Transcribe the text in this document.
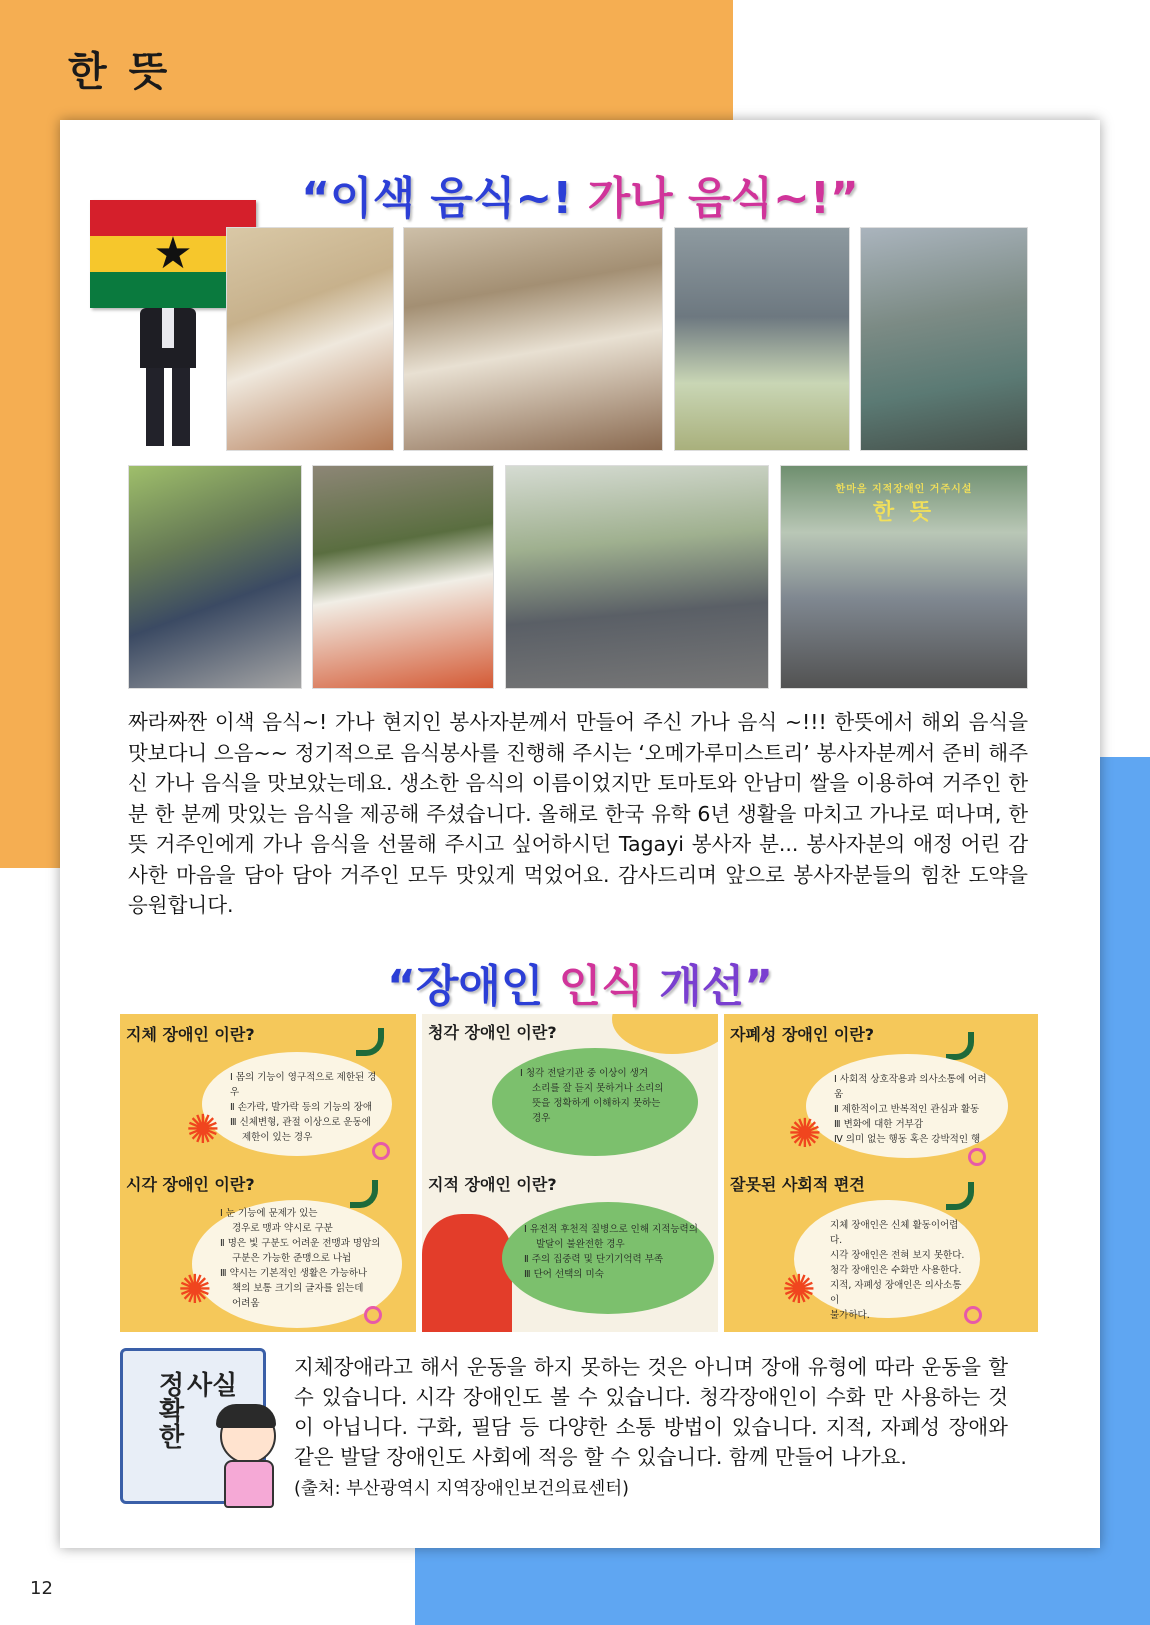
한 뜻
“이색 음식~! 가나 음식~!”
★
한마음 지적장애인 거주시설
한 뜻
짜라짜짠 이색 음식~! 가나 현지인 봉사자분께서 만들어 주신 가나 음식 ~!!! 한뜻에서 해외 음식을 맛보다니 으음~~ 정기적으로 음식봉사를 진행해 주시는 ‘오메가루미스트리’ 봉사자분께서 준비 해주신 가나 음식을 맛보았는데요. 생소한 음식의 이름이었지만 토마토와 안남미 쌀을 이용하여 거주인 한 분 한 분께 맛있는 음식을 제공해 주셨습니다. 올해로 한국 유학 6년 생활을 마치고 가나로 떠나며, 한뜻 거주인에게 가나 음식을 선물해 주시고 싶어하시던 Tagayi 봉사자 분... 봉사자분의 애정 어린 감사한 마음을 담아 담아 거주인 모두 맛있게 먹었어요. 감사드리며 앞으로 봉사자분들의 힘찬 도약을 응원합니다.
“장애인 인식 개선”
지체 장애인 이란?
Ⅰ 몸의 기능이 영구적으로 제한된 경우
Ⅱ 손가락, 발가락 등의 기능의 장애
Ⅲ 신체변형, 관절 이상으로 운동에
제한이 있는 경우
✺
시각 장애인 이란?
Ⅰ 눈 기능에 문제가 있는
경우로 맹과 약시로 구분
Ⅱ 명은 빛 구분도 어려운 전맹과 명암의
구분은 가능한 준맹으로 나뉨
Ⅲ 약시는 기본적인 생활은 가능하나
책의 보통 크기의 글자를 읽는데
어려움
✺
청각 장애인 이란?
Ⅰ 청각 전달기관 중 이상이 생겨
소리를 잘 듣지 못하거나 소리의
뜻을 정확하게 이해하지 못하는
경우
지적 장애인 이란?
Ⅰ 유전적 후천적 질병으로 인해 지적능력의
발달이 불완전한 경우
Ⅱ 주의 집중력 및 단기기억력 부족
Ⅲ 단어 선택의 미숙
자폐성 장애인 이란?
Ⅰ 사회적 상호작용과 의사소통에 어려움
Ⅱ 제한적이고 반복적인 관심과 활동
Ⅲ 변화에 대한 거부감
Ⅳ 의미 없는 행동 혹은 강박적인 행
✺
잘못된 사회적 편견
지체 장애인은 신체 활동이어렵다.
시각 장애인은 전혀 보지 못한다.
청각 장애인은 수화만 사용한다.
지적, 자폐성 장애인은 의사소통이
불가하다.
✺
정확한 사실
지체장애라고 해서 운동을 하지 못하는 것은 아니며 장애 유형에 따라 운동을 할 수 있습니다. 시각 장애인도 볼 수 있습니다. 청각장애인이 수화 만 사용하는 것이 아닙니다. 구화, 필담 등 다양한 소통 방법이 있습니다. 지적, 자폐성 장애와 같은 발달 장애인도 사회에 적응 할 수 있습니다. 함께 만들어 나가요.
(출처: 부산광역시 지역장애인보건의료센터)
12
